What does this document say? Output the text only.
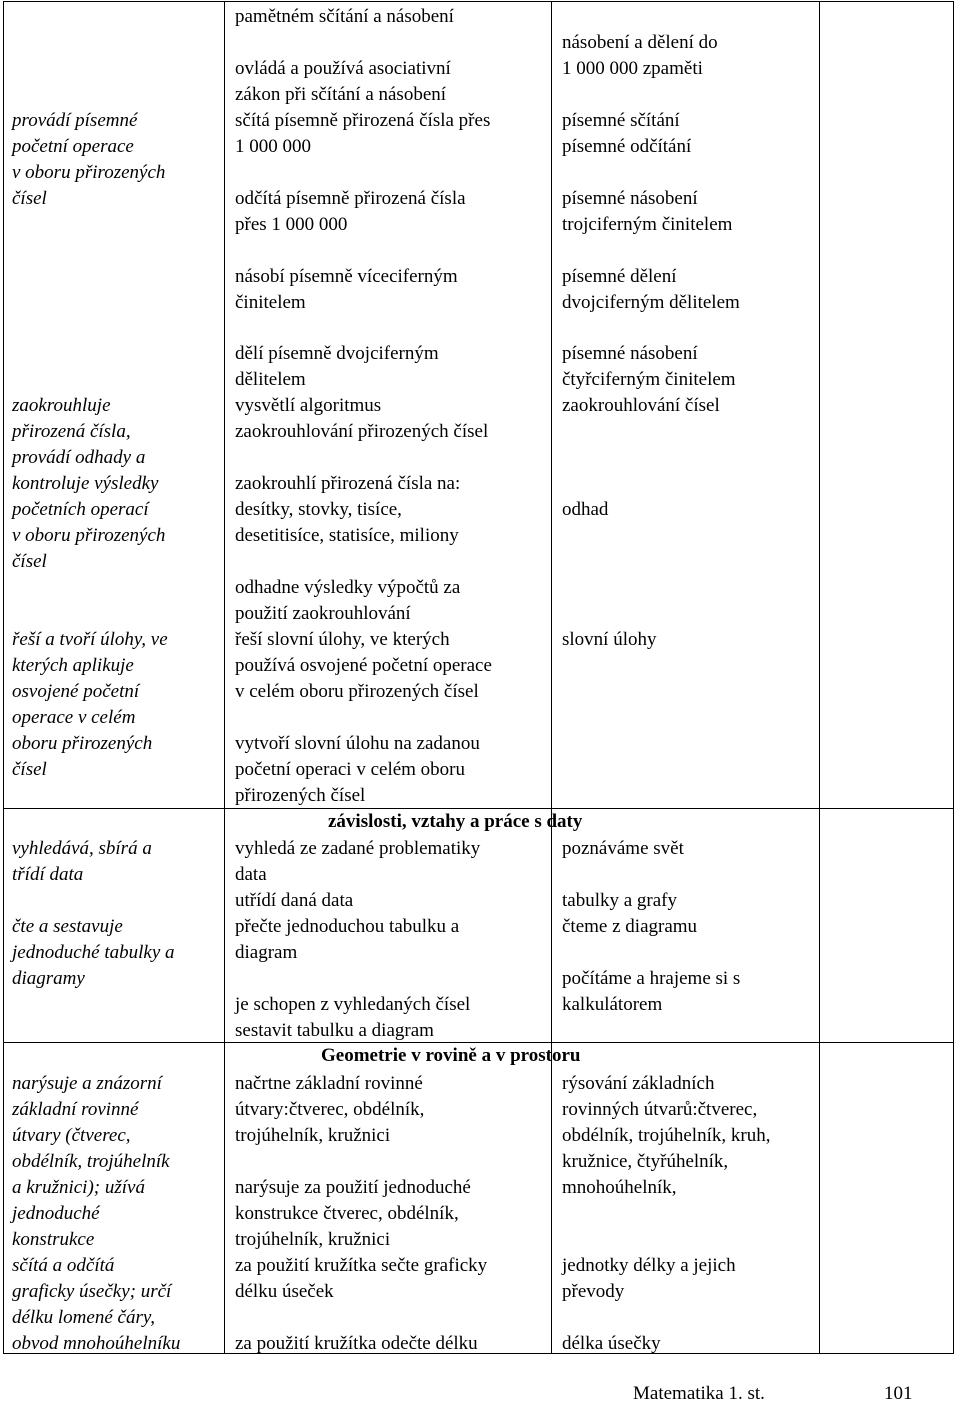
provádí písemné
početní operace
v oboru přirozených
čísel
zaokrouhluje
přirozená čísla,
provádí odhady a
kontroluje výsledky
početních operací
v oboru přirozených
čísel
řeší a tvoří úlohy, ve
kterých aplikuje
osvojené početní
operace v celém
oboru přirozených
čísel
vyhledává, sbírá a
třídí data
čte a sestavuje
jednoduché tabulky a
diagramy
narýsuje a znázorní
základní rovinné
útvary (čtverec,
obdélník, trojúhelník
a kružnici); užívá
jednoduché
konstrukce
sčítá a odčítá
graficky úsečky; určí
délku lomené čáry,
obvod mnohoúhelníku
pamětném sčítání a násobení
ovládá a používá asociativní
zákon při sčítání a násobení
sčítá písemně přirozená čísla přes
1 000 000
odčítá písemně přirozená čísla
přes 1 000 000
násobí písemně víceciferným
činitelem
dělí písemně dvojciferným
dělitelem
vysvětlí algoritmus
zaokrouhlování přirozených čísel
zaokrouhlí přirozená čísla na:
desítky, stovky, tisíce,
desetitisíce, statisíce, miliony
odhadne výsledky výpočtů za
použití zaokrouhlování
řeší slovní úlohy, ve kterých
používá osvojené početní operace
v celém oboru přirozených čísel
vytvoří slovní úlohu na zadanou
početní operaci v celém oboru
přirozených čísel
závislosti, vztahy a práce s daty
vyhledá ze zadané problematiky
data
utřídí daná data
přečte jednoduchou tabulku a
diagram
je schopen z vyhledaných čísel
sestavit tabulku a diagram
Geometrie v rovině a v prostoru
načrtne základní rovinné
útvary:čtverec, obdélník,
trojúhelník, kružnici
narýsuje za použití jednoduché
konstrukce čtverec, obdélník,
trojúhelník, kružnici
za použití kružítka sečte graficky
délku úseček
za použití kružítka odečte délku
násobení a dělení do
1 000 000 zpaměti
písemné sčítání
písemné odčítání
písemné násobení
trojciferným činitelem
písemné dělení
dvojciferným dělitelem
písemné násobení
čtyřciferným činitelem
zaokrouhlování čísel
odhad
slovní úlohy
poznáváme svět
tabulky a grafy
čteme z diagramu
počítáme a hrajeme si s
kalkulátorem
rýsování základních
rovinných útvarů:čtverec,
obdélník, trojúhelník, kruh,
kružnice, čtyřúhelník,
mnohoúhelník,
jednotky délky a jejich
převody
délka úsečky
Matematika 1. st.	101
